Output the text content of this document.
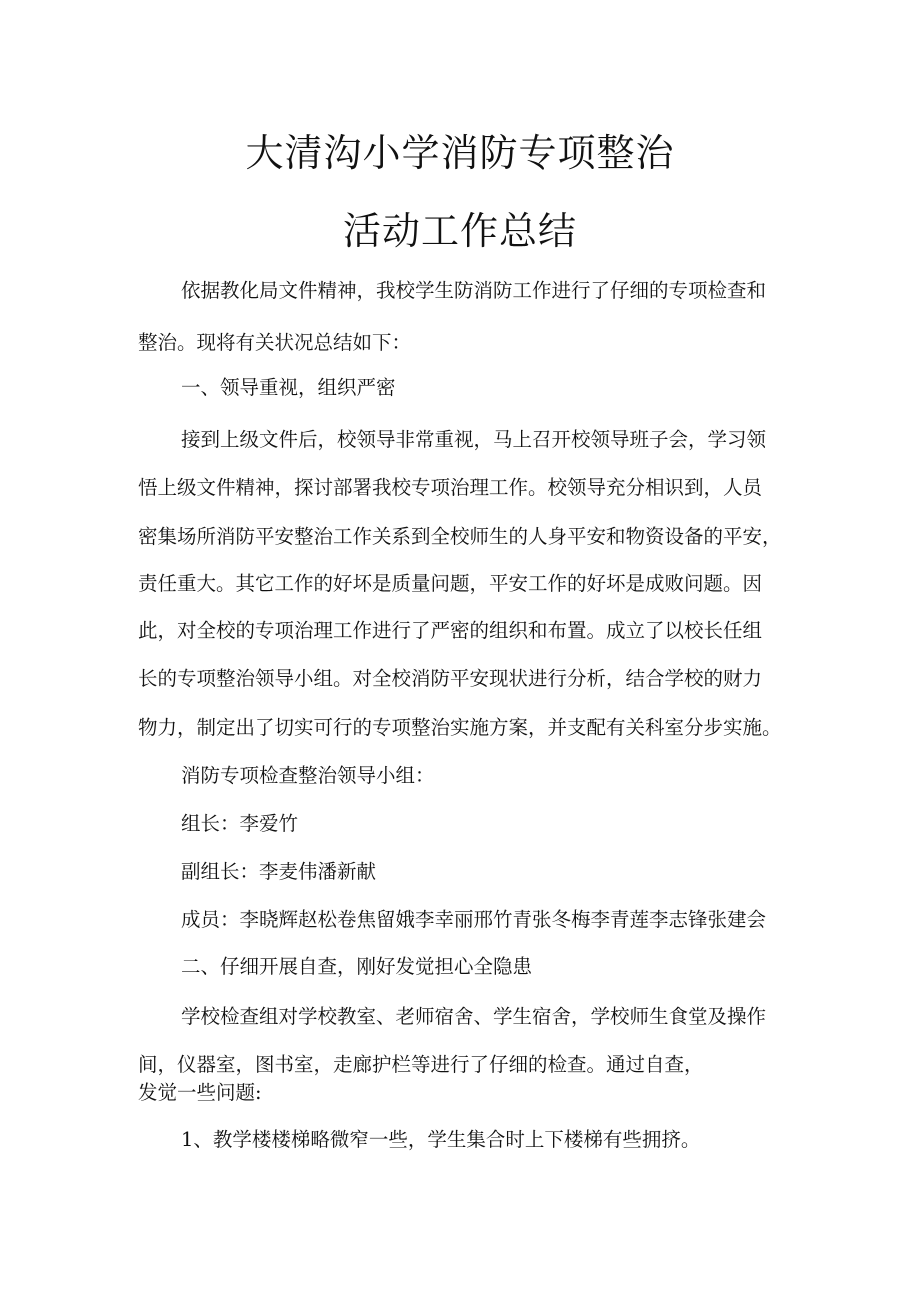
大清沟小学消防专项整治
活动工作总结
依据教化局文件精神，我校学生防消防工作进行了仔细的专项检查和
整治。现将有关状况总结如下：
一、领导重视，组织严密
接到上级文件后，校领导非常重视，马上召开校领导班子会，学习领
悟上级文件精神，探讨部署我校专项治理工作。校领导充分相识到，人员
密集场所消防平安整治工作关系到全校师生的人身平安和物资设备的平安，
责任重大。其它工作的好坏是质量问题，平安工作的好坏是成败问题。因
此，对全校的专项治理工作进行了严密的组织和布置。成立了以校长任组
长的专项整治领导小组。对全校消防平安现状进行分析，结合学校的财力
物力，制定出了切实可行的专项整治实施方案，并支配有关科室分步实施。
消防专项检查整治领导小组：
组长：李爱竹
副组长：李麦伟潘新献
成员：李晓辉赵松卷焦留娥李幸丽邢竹青张冬梅李青莲李志锋张建会
二、仔细开展自查，刚好发觉担心全隐患
学校检查组对学校教室、老师宿舍、学生宿舍，学校师生食堂及操作
间，仪器室，图书室，走廊护栏等进行了仔细的检查。通过自查，
发觉一些问题:
1、教学楼楼梯略微窄一些，学生集合时上下楼梯有些拥挤。
